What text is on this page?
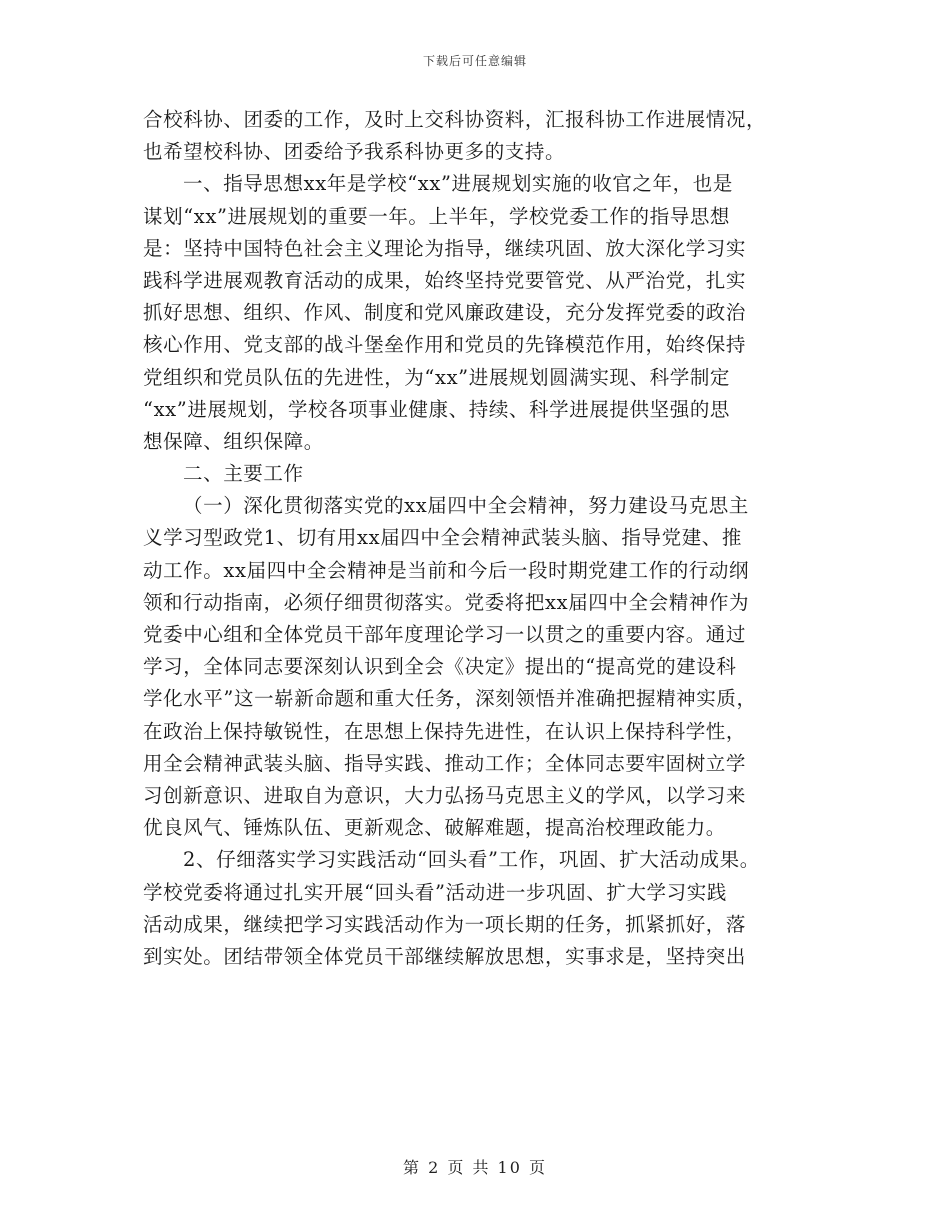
下载后可任意编辑
合校科协、团委的工作，及时上交科协资料，汇报科协工作进展情况，
也希望校科协、团委给予我系科协更多的支持。
一、指导思想xx年是学校“xx”进展规划实施的收官之年，也是
谋划“xx”进展规划的重要一年。上半年，学校党委工作的指导思想
是：坚持中国特色社会主义理论为指导，继续巩固、放大深化学习实
践科学进展观教育活动的成果，始终坚持党要管党、从严治党，扎实
抓好思想、组织、作风、制度和党风廉政建设，充分发挥党委的政治
核心作用、党支部的战斗堡垒作用和党员的先锋模范作用，始终保持
党组织和党员队伍的先进性，为“xx”进展规划圆满实现、科学制定
“xx”进展规划，学校各项事业健康、持续、科学进展提供坚强的思
想保障、组织保障。
二、主要工作
（一）深化贯彻落实党的xx届四中全会精神，努力建设马克思主
义学习型政党1、切有用xx届四中全会精神武装头脑、指导党建、推
动工作。xx届四中全会精神是当前和今后一段时期党建工作的行动纲
领和行动指南，必须仔细贯彻落实。党委将把xx届四中全会精神作为
党委中心组和全体党员干部年度理论学习一以贯之的重要内容。通过
学习，全体同志要深刻认识到全会《决定》提出的“提高党的建设科
学化水平”这一崭新命题和重大任务，深刻领悟并准确把握精神实质，
在政治上保持敏锐性，在思想上保持先进性，在认识上保持科学性，
用全会精神武装头脑、指导实践、推动工作；全体同志要牢固树立学
习创新意识、进取自为意识，大力弘扬马克思主义的学风，以学习来
优良风气、锤炼队伍、更新观念、破解难题，提高治校理政能力。
2、仔细落实学习实践活动“回头看”工作，巩固、扩大活动成果。
学校党委将通过扎实开展“回头看”活动进一步巩固、扩大学习实践
活动成果，继续把学习实践活动作为一项长期的任务，抓紧抓好，落
到实处。团结带领全体党员干部继续解放思想，实事求是，坚持突出
第 2 页 共 10 页
